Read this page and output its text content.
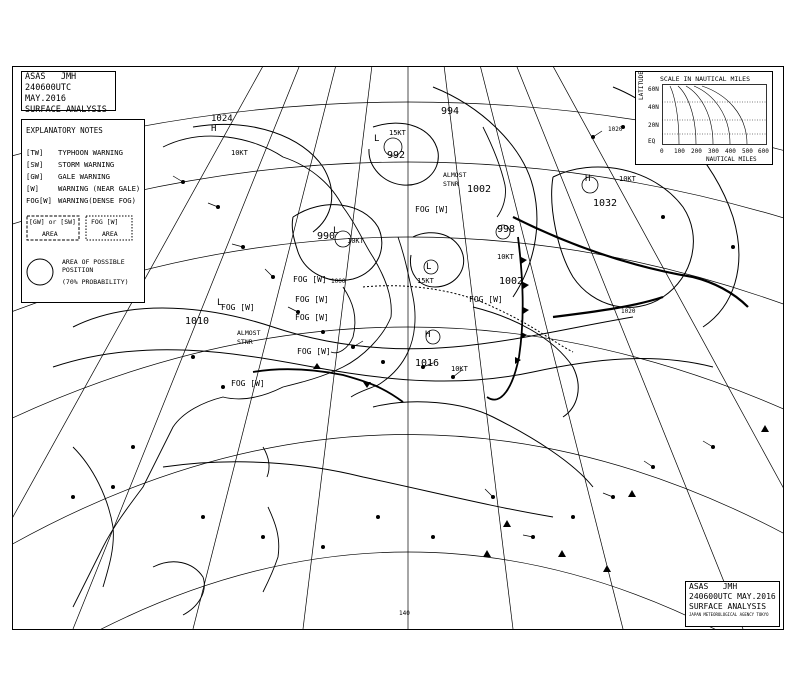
L
992
15KT
994
L
990 10KT
1002
998
L
15KT	1002
10KT
L
1010
H
1032
10KT
H
1016 10KT
H
1024
10KT
FOG [W]
FOG [W]
FOG [W]
FOG [W]
FOG [W]
FOG [W]
FOG [W]
FOG [W]
ALMOST STNR
ALMOST STNR
1020
1020
1000
140
ASAS   JMH
240600UTC MAY.2016
SURFACE ANALYSIS
EXPLANATORY NOTES
[TW] TYPHOON WARNING
[SW] STORM WARNING
[GW] GALE WARNING
[W]	WARNING (NEAR GALE)
FOG[W] WARNING(DENSE FOG)
[GW] or [SW]
AREA
FOG [W]
AREA
AREA OF POSSIBLE POSITION
(70% PROBABILITY)
SCALE IN NAUTICAL MILES
LATITUDE 60N
40N
20N
EQ
0 100 200 300 400 500 600
NAUTICAL MILES
ASAS   JMH
240600UTC MAY.2016
SURFACE ANALYSIS
JAPAN METEOROLOGICAL AGENCY TOKYO
